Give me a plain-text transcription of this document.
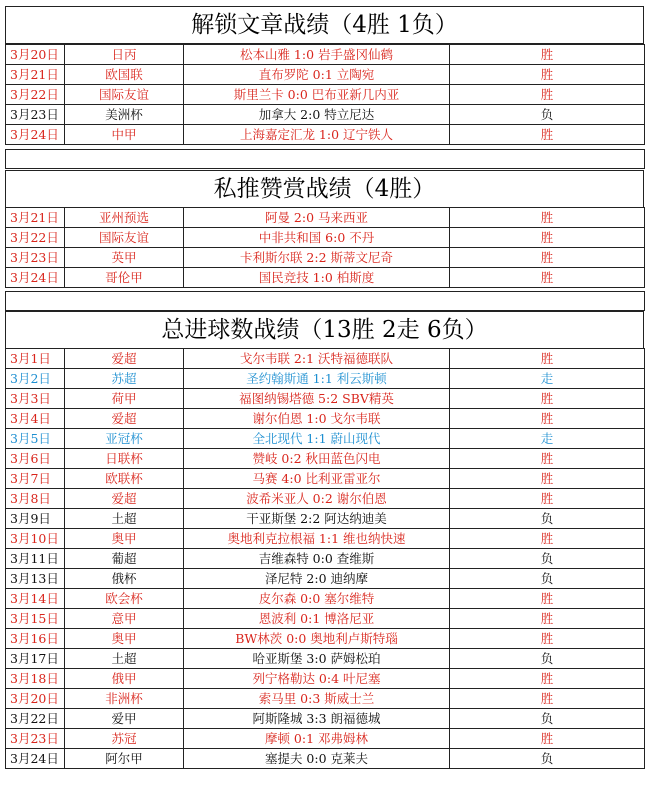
解锁文章战绩（4胜 1负）
3月20日	日丙	松本山雅 1:0 岩手盛冈仙鹤	胜
3月21日	欧国联	直布罗陀 0:1 立陶宛	胜
3月22日	国际友谊	斯里兰卡 0:0 巴布亚新几内亚	胜
3月23日	美洲杯	加拿大 2:0 特立尼达	负
3月24日	中甲	上海嘉定汇龙 1:0 辽宁铁人	胜
私推赞赏战绩（4胜）
3月21日	亚州预选	阿曼 2:0 马来西亚	胜
3月22日	国际友谊	中非共和国 6:0 不丹	胜
3月23日	英甲	卡利斯尔联 2:2 斯蒂文尼奇	胜
3月24日	哥伦甲	国民竞技 1:0 柏斯度	胜
总进球数战绩（13胜 2走 6负）
3月1日	爱超	戈尔韦联 2:1 沃特福德联队	胜
3月2日	苏超	圣约翰斯通 1:1 利云斯顿	走
3月3日	荷甲	福图纳锡塔德 5:2 SBV精英	胜
3月4日	爱超	谢尔伯恩 1:0 戈尔韦联	胜
3月5日	亚冠杯	全北现代 1:1 蔚山现代	走
3月6日	日联杯	赞岐 0:2 秋田蓝色闪电	胜
3月7日	欧联杯	马赛 4:0 比利亚雷亚尔	胜
3月8日	爱超	波希米亚人 0:2 谢尔伯恩	胜
3月9日	土超	干亚斯堡 2:2 阿达纳迪美	负
3月10日	奥甲	奥地利克拉根福 1:1 维也纳快速	胜
3月11日	葡超	吉维森特 0:0 查维斯	负
3月13日	俄杯	泽尼特 2:0 迪纳摩	负
3月14日	欧会杯	皮尔森 0:0 塞尔维特	胜
3月15日	意甲	恩波利 0:1 博洛尼亚	胜
3月16日	奥甲	BW林茨 0:0 奥地利卢斯特瑙	胜
3月17日	土超	哈亚斯堡 3:0 萨姆松珀	负
3月18日	俄甲	列宁格勒达 0:4 叶尼塞	胜
3月20日	非洲杯	索马里 0:3 斯威士兰	胜
3月22日	爱甲	阿斯隆城 3:3 朗福德城	负
3月23日	苏冠	摩顿 0:1 邓弗姆林	胜
3月24日	阿尔甲	塞提夫 0:0 克莱夫	负
